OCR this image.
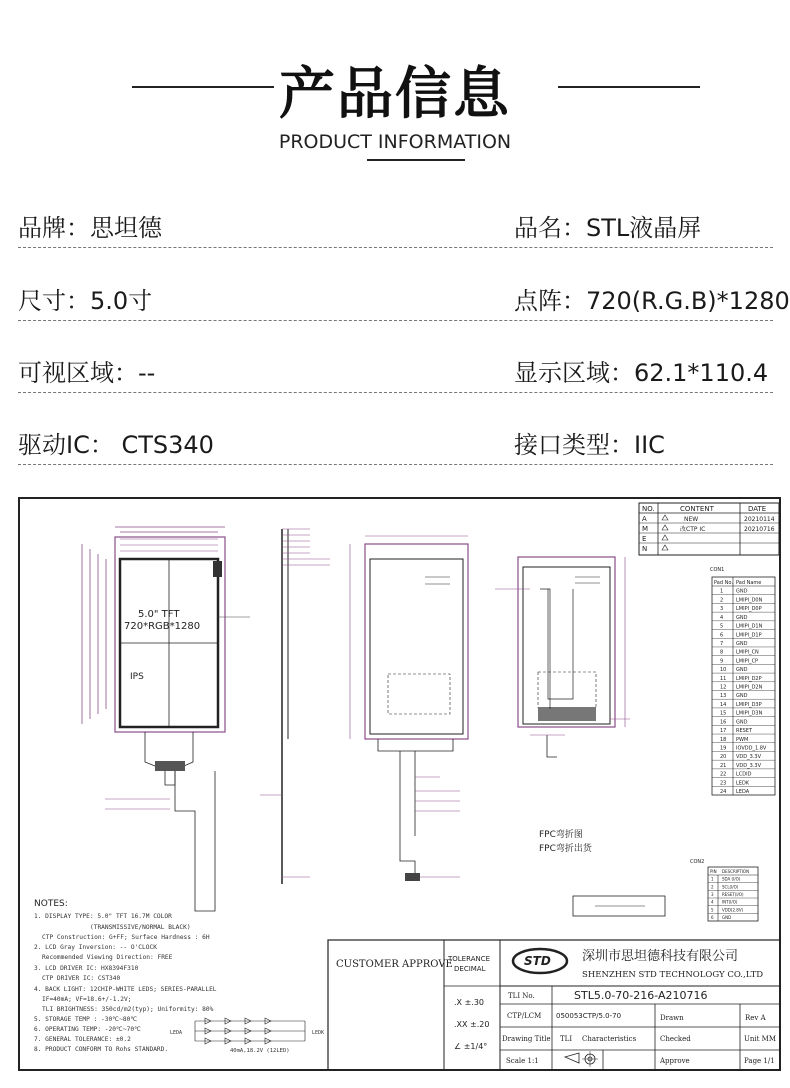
产品信息
PRODUCT INFORMATION
品牌：思坦德	品名：STL液晶屏
尺寸：5.0寸	点阵：720(R.G.B)*1280
可视区域：--	显示区域：62.1*110.4
驱动IC： CTS340	接口类型：IIC
NO.	CONTENT	DATE
A	NEW	20210114
M	改CTP IC	20210716
E
N
5.0" TFT
720*RGB*1280
IPS
FPC弯折图
FPC弯折出货
CON1
Pad No. Pad Name
1	GND
2	LMIPI_D0N
3	LMIPI_D0P
4	GND
5	LMIPI_D1N
6	LMIPI_D1P
7	GND
8	LMIPI_CN
9	LMIPI_CP
10 GND
11 LMIPI_D2P
12 LMIPI_D2N
13 GND
14 LMIPI_D3P
15 LMIPI_D3N
16 GND
17 RESET
18 PWM
19 IOVDD_1.8V
20 VDD_3.3V
21 VDD_3.3V
22 LCDID
23 LEDK
24 LEDA
CON2
PIN DESCRIPTION
1 SDA (I/O)
2 SCL(I/O)
3 RESET(I/O)
4 INT(I/O)
5 VDD(2.8V)
6 GND
NOTES:
1. DISPLAY TYPE: 5.0" TFT 16.7M COLOR
(TRANSMISSIVE/NORMAL BLACK)
CTP Construction: G+FF; Surface Hardness : 6H
2. LCD Gray Inversion: -- O'CLOCK
Recommended Viewing Direction: FREE
3. LCD DRIVER IC: HX8394F310
CTP DRIVER IC: CST340
4. BACK LIGHT: 12CHIP-WHITE LEDS; SERIES-PARALLEL
IF=40mA; VF=18.6+/-1.2V;
TLI BRIGHTNESS: 350cd/m2(typ); Uniformity: 80%
5. STORAGE TEMP : -30℃~80℃
6. OPERATING TEMP: -20℃~70℃
7. GENERAL TOLERANCE: ±0.2
8. PRODUCT CONFORM TO Rohs STANDARD.
LEDA	LEDK
40mA,18.2V (12LED)
CUSTOMER APPROVE
TOLERANCE
DECIMAL
.X ±.30
.XX ±.20
∠ ±1/4°
STD 深圳市思坦德科技有限公司
SHENZHEN STD TECHNOLOGY CO.,LTD
TLI No.	STL5.0-70-216-A210716
CTP/LCM 050053CTP/5.0-70	Drawn	Rev A
Drawing Title TLI Characteristics	Checked	Unit MM
Scale 1:1	Approve	Page 1/1
